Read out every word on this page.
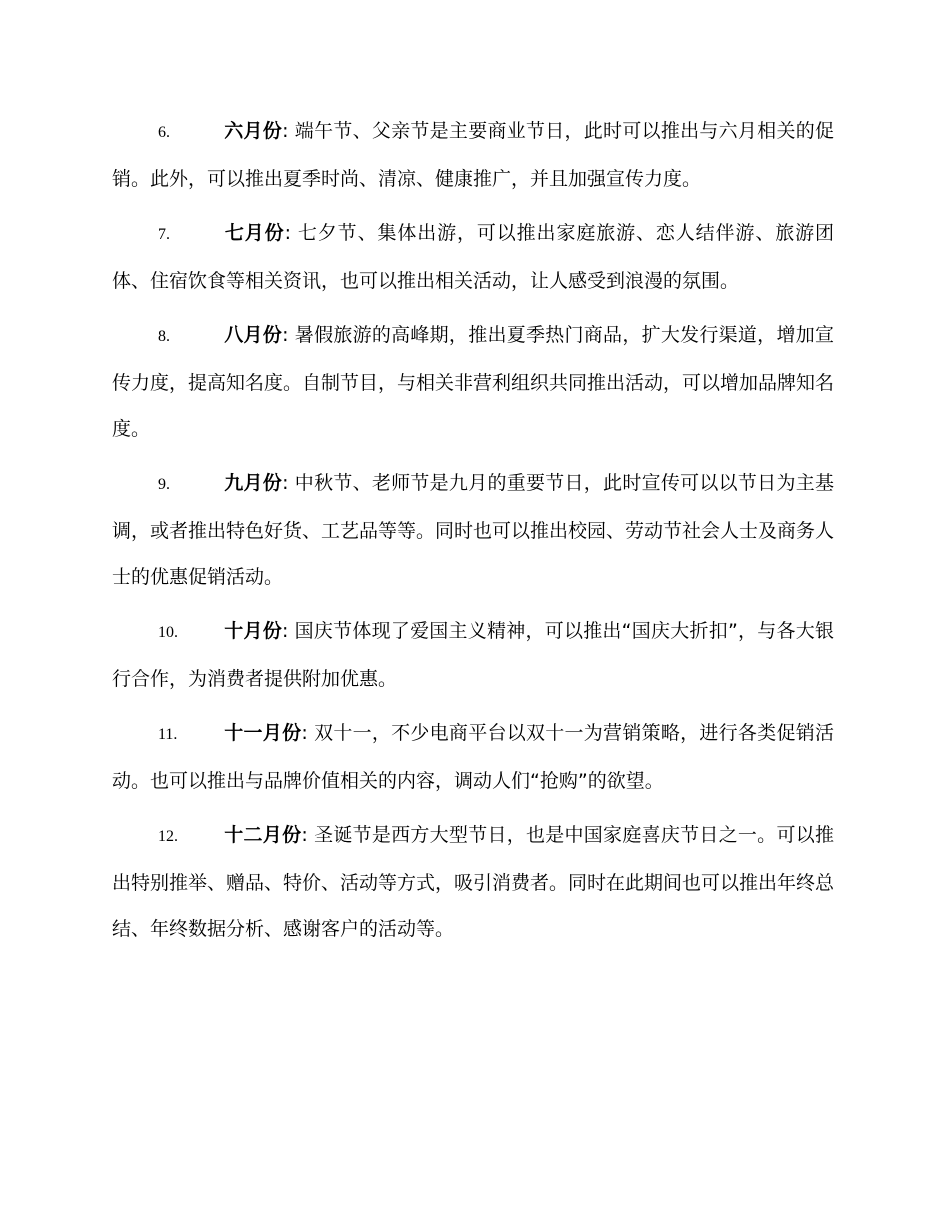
6.	六月份: 端午节、父亲节是主要商业节日，此时可以推出与六月相关的促销。此外，可以推出夏季时尚、清凉、健康推广，并且加强宣传力度。

7.	七月份: 七夕节、集体出游，可以推出家庭旅游、恋人结伴游、旅游团体、住宿饮食等相关资讯，也可以推出相关活动，让人感受到浪漫的氛围。

8.	八月份: 暑假旅游的高峰期，推出夏季热门商品，扩大发行渠道，增加宣传力度，提高知名度。自制节目，与相关非营利组织共同推出活动，可以增加品牌知名度。

9.	九月份: 中秋节、老师节是九月的重要节日，此时宣传可以以节日为主基调，或者推出特色好货、工艺品等等。同时也可以推出校园、劳动节社会人士及商务人士的优惠促销活动。

10. 十月份: 国庆节体现了爱国主义精神，可以推出“国庆大折扣”，与各大银行合作，为消费者提供附加优惠。

11. 十一月份: 双十一，不少电商平台以双十一为营销策略，进行各类促销活动。也可以推出与品牌价值相关的内容，调动人们“抢购”的欲望。

12. 十二月份: 圣诞节是西方大型节日，也是中国家庭喜庆节日之一。可以推出特别推举、赠品、特价、活动等方式，吸引消费者。同时在此期间也可以推出年终总结、年终数据分析、感谢客户的活动等。
